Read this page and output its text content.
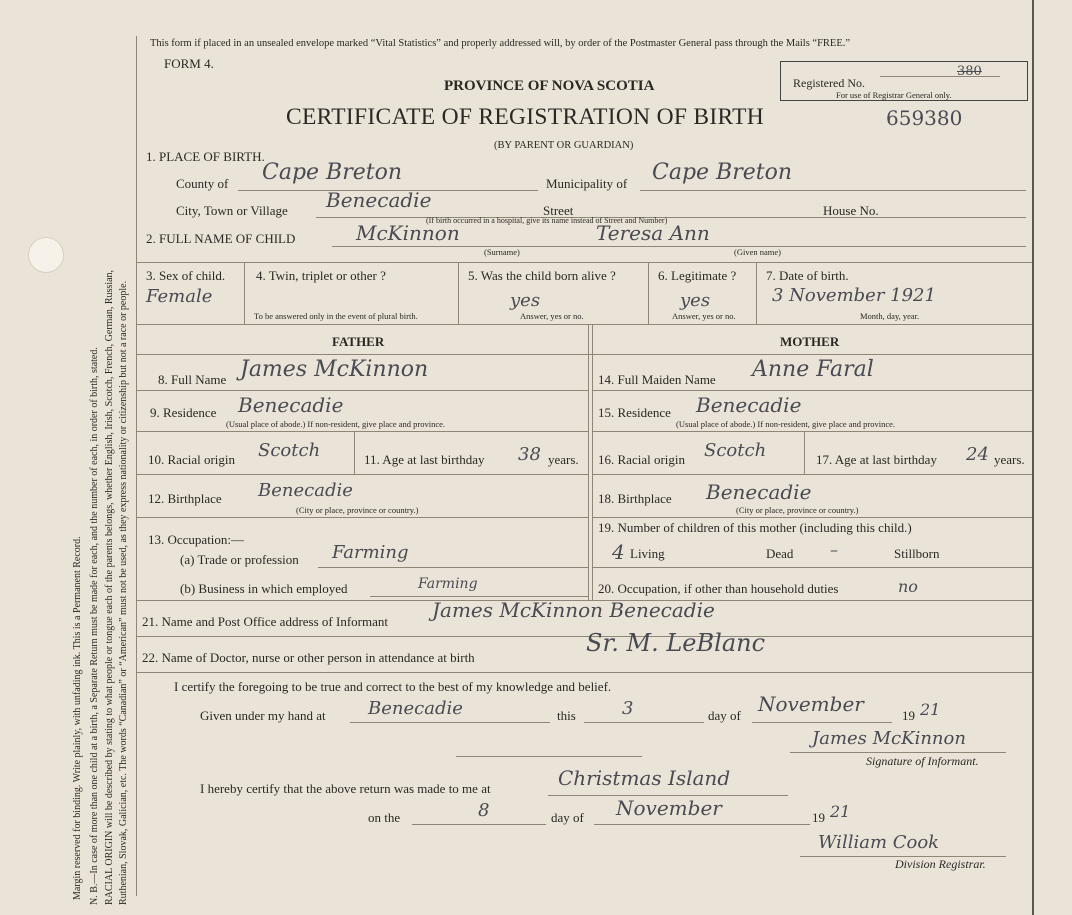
Margin reserved for binding. Write plainly, with unfading ink. This is a Permanent Record. N. B.—In case of more than one child at a birth, a Separate Return must be made for each, and the number of each, in order of birth, stated. RACIAL ORIGIN will be described by stating to what people or tongue each of the parents belongs, whether English, Irish, Scotch, French, German, Russian, Ruthenian, Slovak, Galician, etc. The words “Canadian” or “American” must not be used, as they express nationality or citizenship but not a race or people.
This form if placed in an unsealed envelope marked “Vital Statistics” and properly addressed will, by order of the Postmaster General pass through the Mails “FREE.”
FORM 4.
PROVINCE OF NOVA SCOTIA
CERTIFICATE OF REGISTRATION OF BIRTH	659380
(BY PARENT OR GUARDIAN)
Registered No.
380
For use of Registrar General only.
1. PLACE OF BIRTH.
County of Cape Breton	Municipality of Cape Breton
City, Town or Village Benecadie	Street	House No.
(If birth occurred in a hospital, give its name instead of Street and Number)
2. FULL NAME OF CHILD	McKinnon	Teresa Ann
(Surname)	(Given name)
3. Sex of child.
Female
4. Twin, triplet or other ?
To be answered only in the event of plural birth.
5. Was the child born alive ?
yes
Answer, yes or no.
6. Legitimate ?
yes
Answer, yes or no.
7. Date of birth.
3 November 1921
Month, day, year.
FATHER	MOTHER
8. Full Name James McKinnon
9. Residence Benecadie
(Usual place of abode.) If non-resident, give place and province.
10. Racial origin Scotch	11. Age at last birthday 38 years.
12. Birthplace Benecadie
(City or place, province or country.)
13. Occupation:—
(a) Trade or profession Farming
(b) Business in which employed	Farming
14. Full Maiden Name Anne Faral
15. Residence Benecadie
(Usual place of abode.) If non-resident, give place and province.
16. Racial origin Scotch	17. Age at last birthday 24 years.
18. Birthplace Benecadie
(City or place, province or country.)
19. Number of children of this mother (including this child.)
4 Living	Dead –	Stillborn
20. Occupation, if other than household duties	no
21. Name and Post Office address of Informant James McKinnon Benecadie
22. Name of Doctor, nurse or other person in attendance at birth
Sr. M. LeBlanc
I certify the foregoing to be true and correct to the best of my knowledge and belief.
Given under my hand at Benecadie	this	3	day of November	19 21
James McKinnon
Signature of Informant.
I hereby certify that the above return was made to me at	Christmas Island
on the	8	day of November	19 21
William Cook
Division Registrar.
